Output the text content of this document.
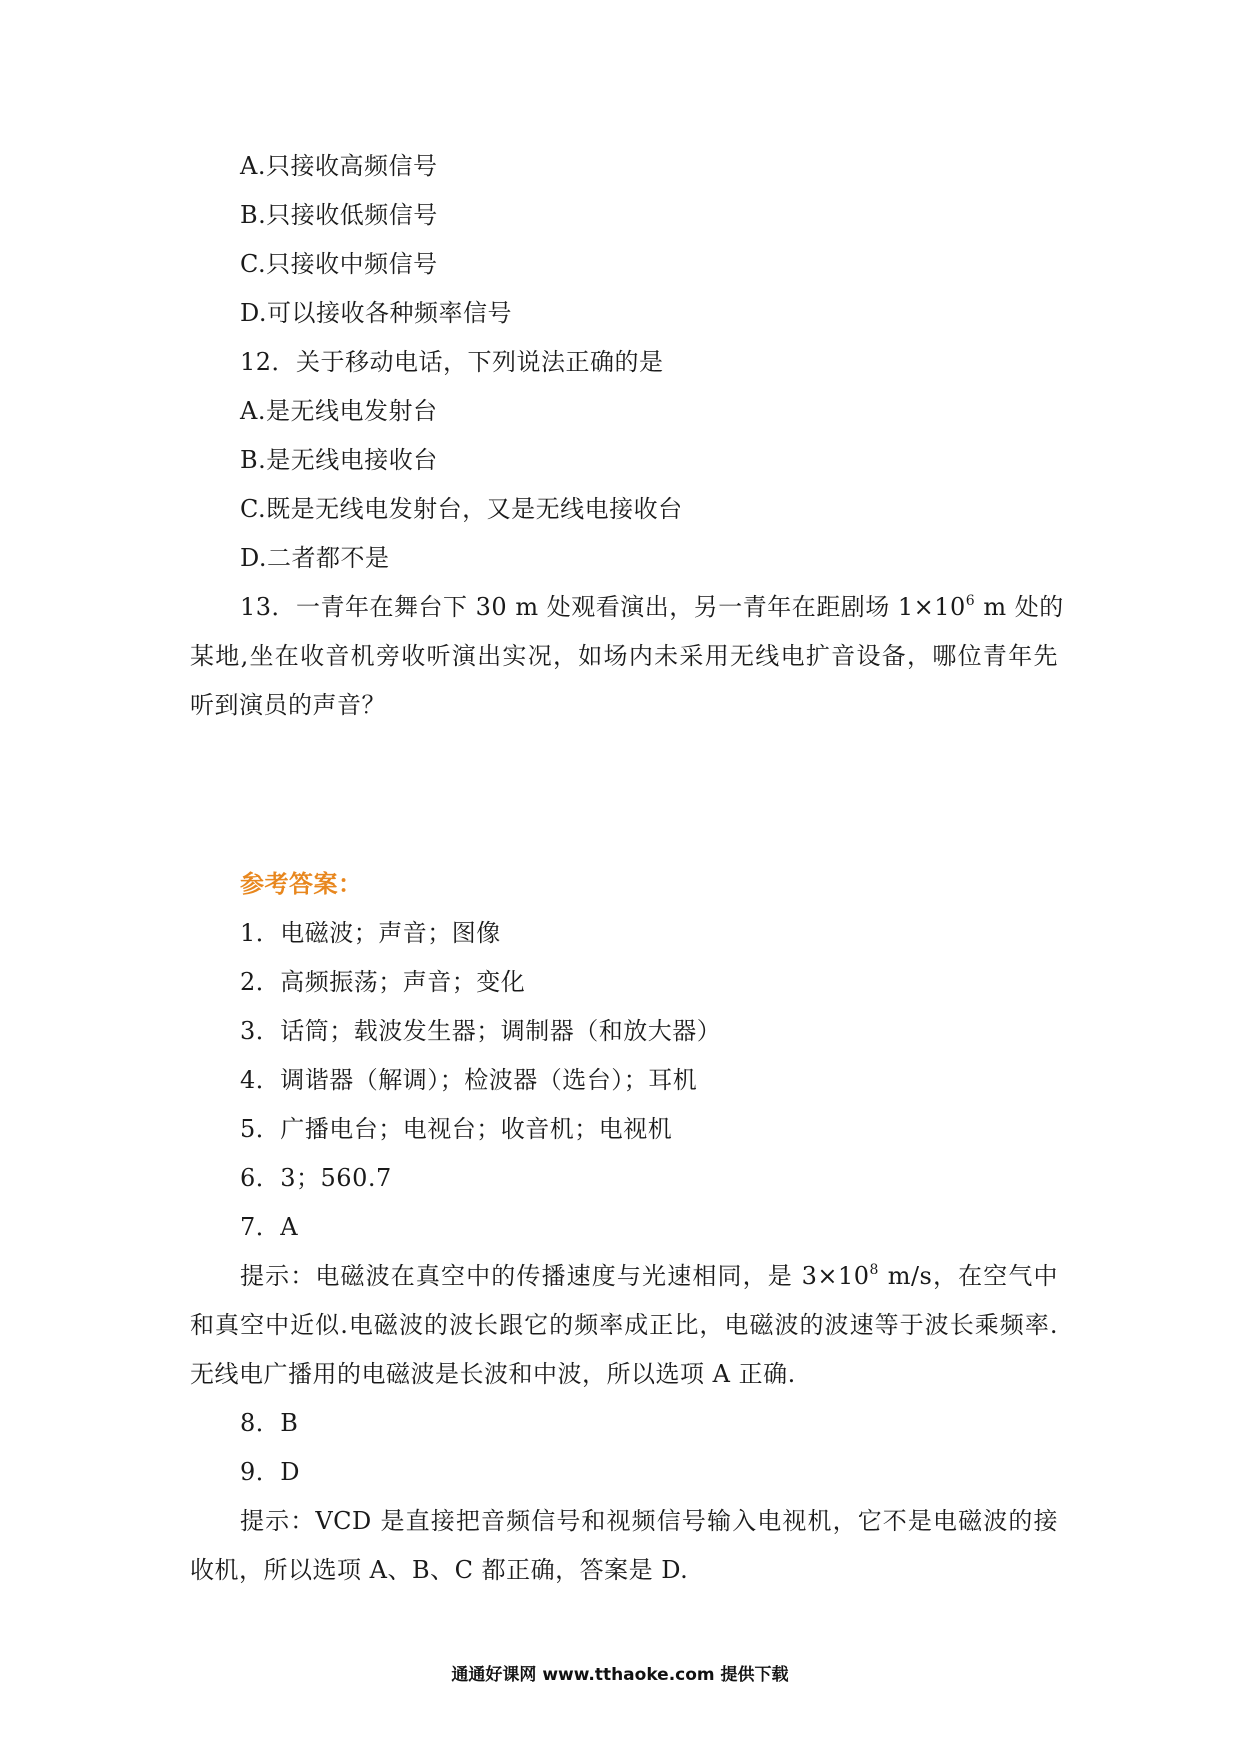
A.只接收高频信号
B.只接收低频信号
C.只接收中频信号
D.可以接收各种频率信号
12．关于移动电话，下列说法正确的是
A.是无线电发射台
B.是无线电接收台
C.既是无线电发射台，又是无线电接收台
D.二者都不是
13．一青年在舞台下 30 m 处观看演出，另一青年在距剧场 $1\times 10^6$ m 处的
某地,坐在收音机旁收听演出实况，如场内未采用无线电扩音设备，哪位青年先
听到演员的声音？
参考答案：
1．电磁波；声音；图像
2．高频振荡；声音；变化
3．话筒；载波发生器；调制器（和放大器）
4．调谐器（解调）；检波器（选台）；耳机
5．广播电台；电视台；收音机；电视机
6．3；560.7
7．A
提示：电磁波在真空中的传播速度与光速相同，是 $3\times 10^8$ m/s，在空气中
和真空中近似.电磁波的波长跟它的频率成正比，电磁波的波速等于波长乘频率.
无线电广播用的电磁波是长波和中波，所以选项 A 正确.
8．B
9．D
提示：VCD 是直接把音频信号和视频信号输入电视机，它不是电磁波的接
收机，所以选项 A、B、C 都正确，答案是 D.
通通好课网 www.tthaoke.com 提供下载
